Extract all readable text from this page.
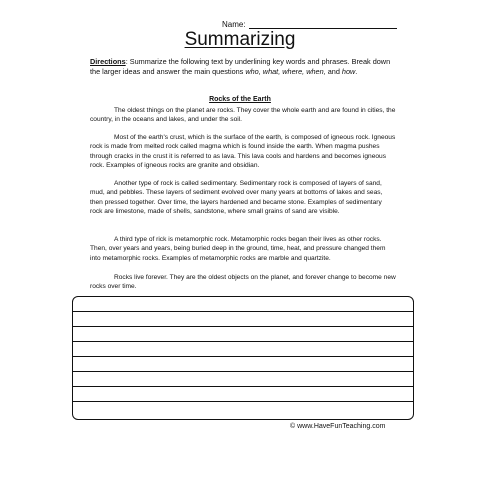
Name:
Summarizing
Directions: Summarize the following text by underlining key words and phrases. Break down the larger ideas and answer the main questions who, what, where, when, and how.
Rocks of the Earth

The oldest things on the planet are rocks. They cover the whole earth and are found in cities, the country, in the oceans and lakes, and under the soil.

Most of the earth's crust, which is the surface of the earth, is composed of igneous rock. Igneous rock is made from melted rock called magma which is found inside the earth. When magma pushes through cracks in the crust it is referred to as lava. This lava cools and hardens and becomes igneous rock. Examples of igneous rocks are granite and obsidian.

Another type of rock is called sedimentary. Sedimentary rock is composed of layers of sand, mud, and pebbles. These layers of sediment evolved over many years at bottoms of lakes and seas, then pressed together. Over time, the layers hardened and became stone. Examples of sedimentary rock are limestone, made of shells, sandstone, where small grains of sand are visible.

A third type of rick is metamorphic rock. Metamorphic rocks began their lives as other rocks. Then, over years and years, being buried deep in the ground, time, heat, and pressure changed them into metamorphic rocks. Examples of metamorphic rocks are marble and quartzite.

Rocks live forever. They are the oldest objects on the planet, and forever change to become new rocks over time.

© www.HaveFunTeaching.com
